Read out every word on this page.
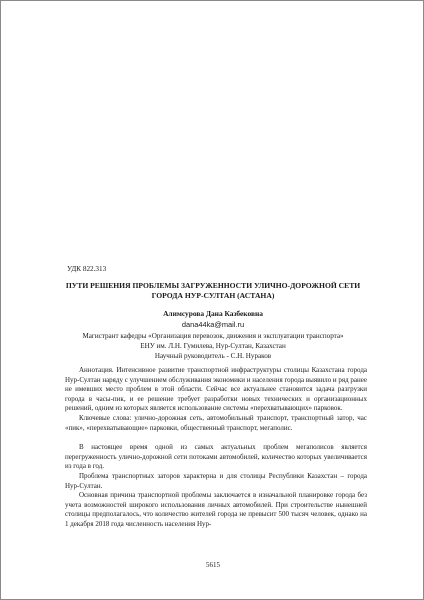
УДК 822.313
ПУТИ РЕШЕНИЯ ПРОБЛЕМЫ ЗАГРУЖЕННОСТИ УЛИЧНО-ДОРОЖНОЙ СЕТИ
ГОРОДА НУР-СУЛТАН (АСТАНА)
Алимсурова Дана Казбековна
dana44ka@mail.ru
Магистрант кафедры «Организация перевозок, движения и эксплуатации транспорта»
ЕНУ им. Л.Н. Гумилева, Нур-Султан, Казахстан
Научный руководитель - С.Н. Нураков

Аннотация. Интенсивное развитие транспортной инфраструктуры столицы Казахстана города Нур-Султан наряду с улучшением обслуживания экономики и населения города выявило и ряд ранее не имевших место проблем в этой области. Сейчас все актуальнее становится задача разгрузки города в часы-пик, и ее решение требует разработки новых технических и организационных решений, одним из которых является использование системы «перехватывающих» парковок.

Ключевые слова: улично-дорожная сеть, автомобильный транспорт, транспортный затор, час «пик», «перехватывающие» парковки, общественный транспорт, мегаполис.

В настоящее время одной из самых актуальных проблем мегаполисов является перегруженность улично-дорожной сети потоками автомобилей, количество которых увеличивается из года в год.

Проблема транспортных заторов характерна и для столицы Республики Казахстан – города Нур-Султан.

Основная причина транспортной проблемы заключается в изначальной планировке города без учета возможностей широкого использования личных автомобилей. При строительстве нынешней столицы предполагалось, что количество жителей города не превысит 500 тысяч человек, однако на 1 декабря 2018 года численность населения Нур-

5615
